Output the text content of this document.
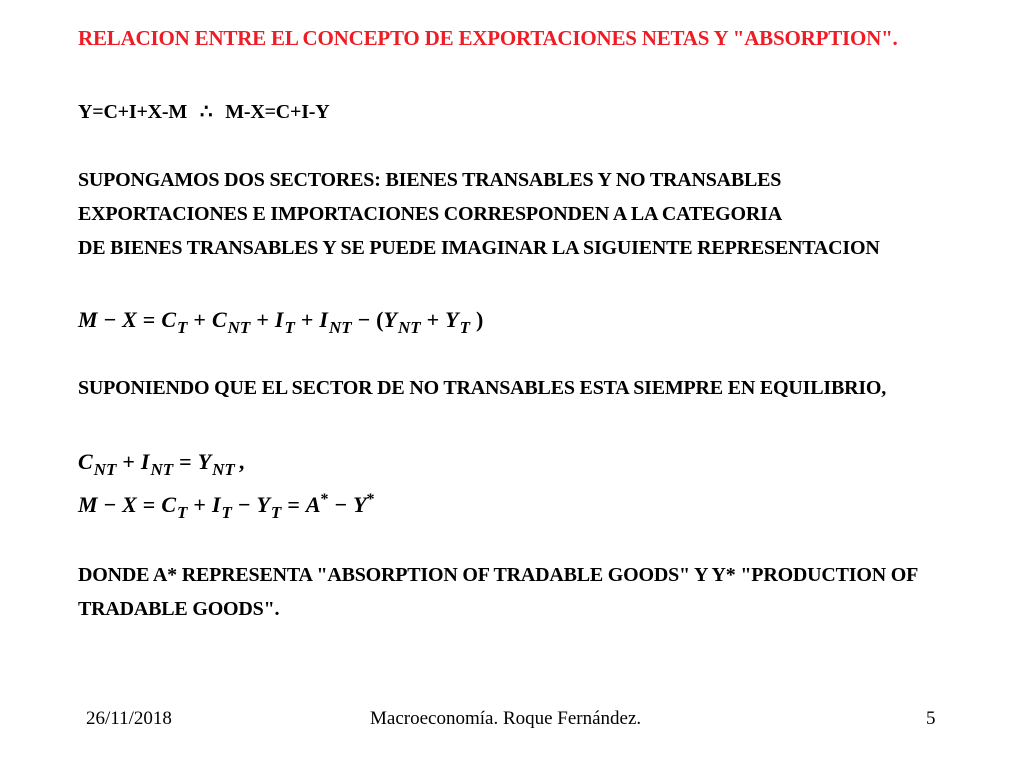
RELACION ENTRE EL CONCEPTO DE EXPORTACIONES NETAS Y "ABSORPTION".
Y=C+I+X-M ∴ M-X=C+I-Y
SUPONGAMOS DOS SECTORES: BIENES TRANSABLES Y NO TRANSABLES
EXPORTACIONES E IMPORTACIONES CORRESPONDEN A LA CATEGORIA
DE BIENES TRANSABLES Y SE PUEDE IMAGINAR LA SIGUIENTE REPRESENTACION
$M - X = C_T + C_{NT} + I_T + I_{NT} - (Y_{NT} + Y_T$ )
SUPONIENDO QUE EL SECTOR DE NO TRANSABLES ESTA SIEMPRE EN EQUILIBRIO,
$C_{NT} + I_{NT} = Y_{NT}$ ,
$M - X = C_T + I_T - Y_T = A^* - Y^*$
DONDE A* REPRESENTA "ABSORPTION OF TRADABLE GOODS" Y Y* "PRODUCTION OF
TRADABLE GOODS".
26/11/2018	Macroeconomía. Roque Fernández.	5
